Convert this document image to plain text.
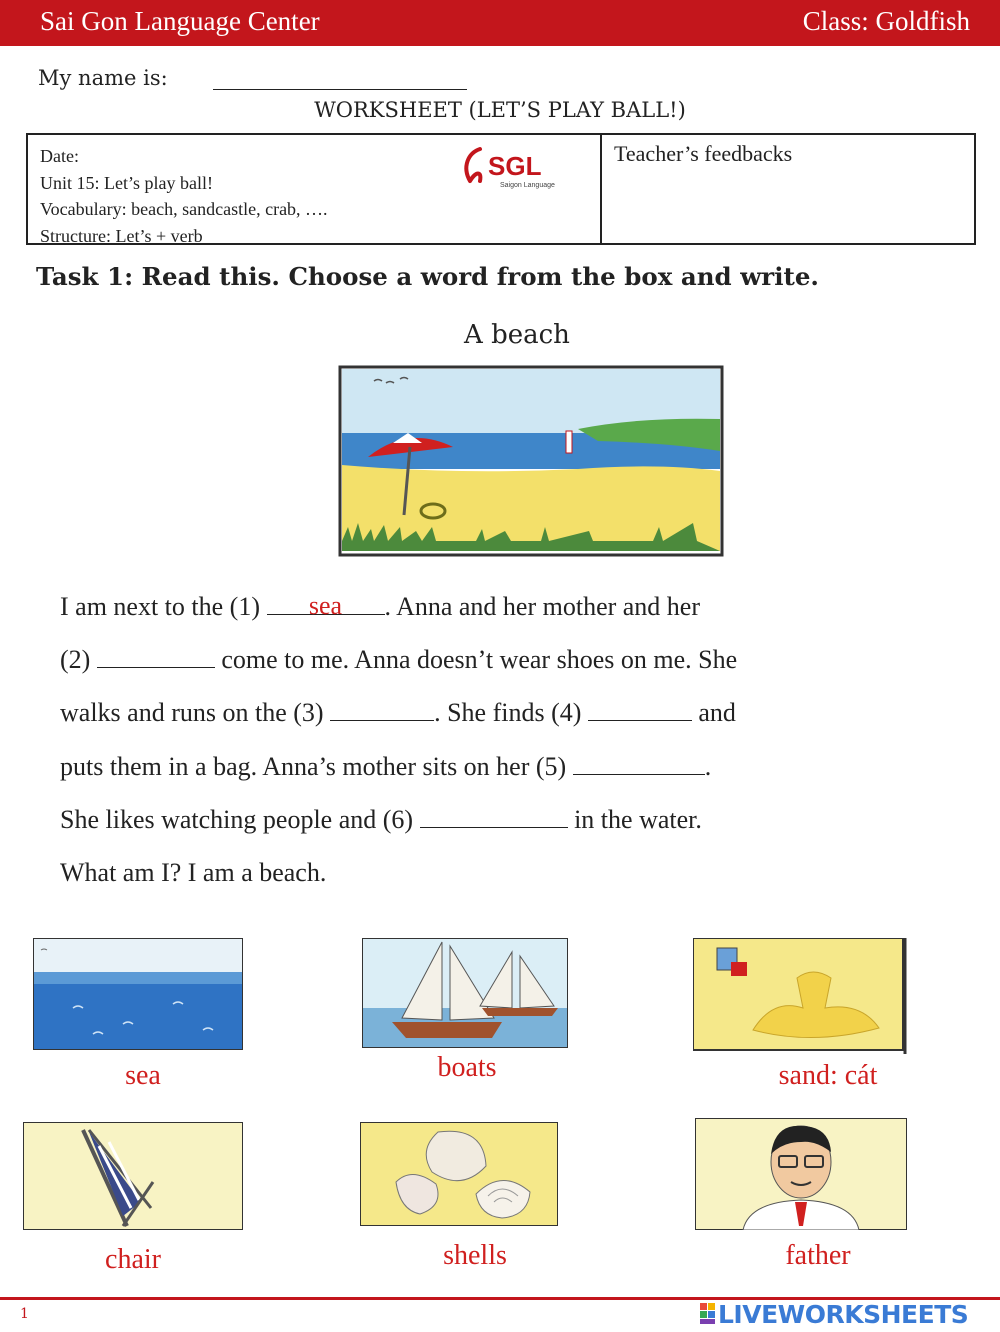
Sai Gon Language Center	Class: Goldfish
My name is:
WORKSHEET (LET’S PLAY BALL!)
Date:
Unit 15: Let’s play ball!
Vocabulary: beach, sandcastle, crab, ….
Structure: Let’s + verb
SGL
Saigon Language
Teacher’s feedbacks
Task 1: Read this. Choose a word from the box and write.
A beach
I am next to the (1)	sea	. Anna and her mother and her
(2)	come to me. Anna doesn’t wear shoes on me. She
walks and runs on the (3)	. She finds (4)	and
puts them in a bag. Anna’s mother sits on her (5)	.
She likes watching people and (6)	in the water.
What am I? I am a beach.
sea	boats	sand: cát
chair	shells	father
1	LIVEWORKSHEETS
